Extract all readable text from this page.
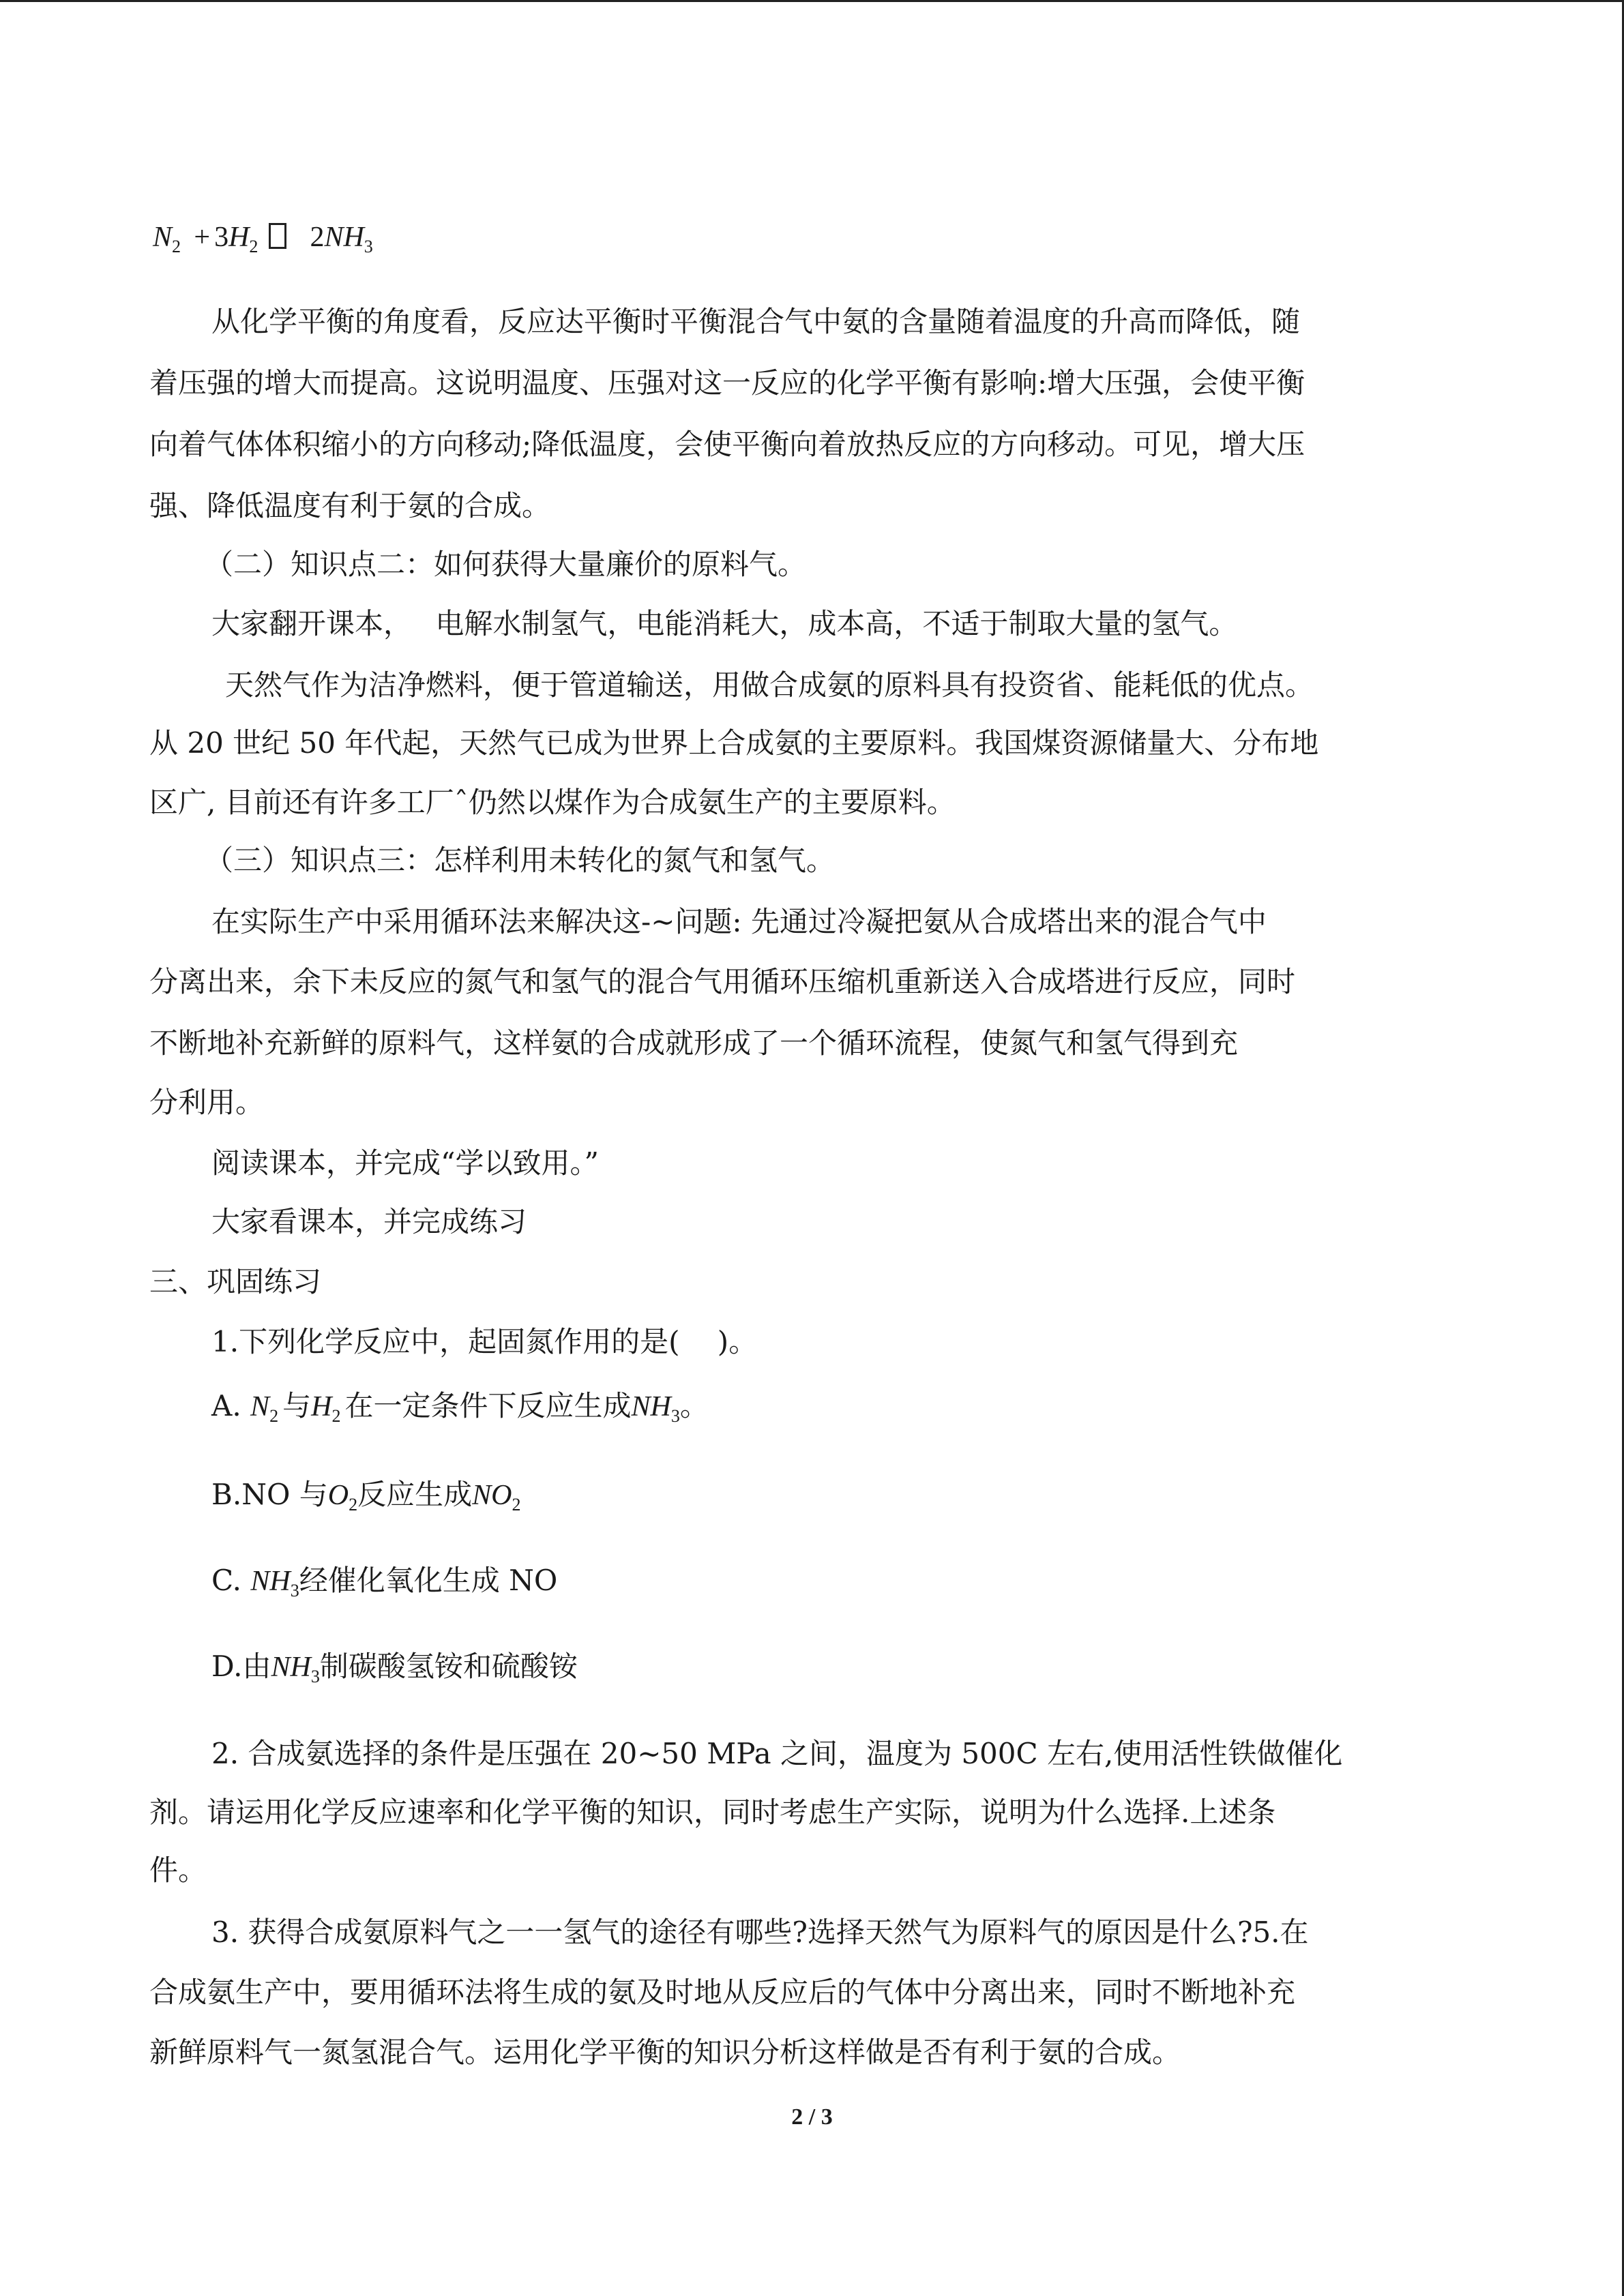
$N_2 + 3H_2$ $2NH_3$
从化学平衡的角度看，反应达平衡时平衡混合气中氨的含量随着温度的升高而降低，随
着压强的增大而提高。这说明温度、压强对这一反应的化学平衡有影响:增大压强，会使平衡
向着气体体积缩小的方向移动;降低温度，会使平衡向着放热反应的方向移动。可见，增大压
强、降低温度有利于氨的合成。
（二）知识点二：如何获得大量廉价的原料气。
大家翻开课本，　 电解水制氢气，电能消耗大，成本高，不适于制取大量的氢气。
天然气作为洁净燃料，便于管道输送，用做合成氨的原料具有投资省、能耗低的优点。
从 20 世纪 50 年代起，天然气已成为世界上合成氨的主要原料。我国煤资源储量大、分布地
区广, 目前还有许多工厂ˆ仍然以煤作为合成氨生产的主要原料。
（三）知识点三：怎样利用未转化的氮气和氢气。
在实际生产中采用循环法来解决这-~问题: 先通过冷凝把氨从合成塔出来的混合气中
分离出来，余下未反应的氮气和氢气的混合气用循环压缩机重新送入合成塔进行反应，同时
不断地补充新鲜的原料气，这样氨的合成就形成了一个循环流程，使氮气和氢气得到充
分利用。
阅读课本，并完成“学以致用。”
大家看课本，并完成练习
三、巩固练习
1.下列化学反应中，起固氮作用的是(　 )。
A. $N_2$ 与$H_2$ 在一定条件下反应生成$NH_3$。
B.NO 与$O_2$反应生成$NO_2$
C. $NH_3$经催化氧化生成 NO
D.由$NH_3$制碳酸氢铵和硫酸铵
2. 合成氨选择的条件是压强在 20~50 MPa 之间，温度为 500C 左右,使用活性铁做催化
剂。请运用化学反应速率和化学平衡的知识，同时考虑生产实际，说明为什么选择.上述条
件。
3. 获得合成氨原料气之一一氢气的途径有哪些?选择天然气为原料气的原因是什么?5.在
合成氨生产中，要用循环法将生成的氨及时地从反应后的气体中分离出来，同时不断地补充
新鲜原料气一氮氢混合气。运用化学平衡的知识分析这样做是否有利于氨的合成。
2 / 3
